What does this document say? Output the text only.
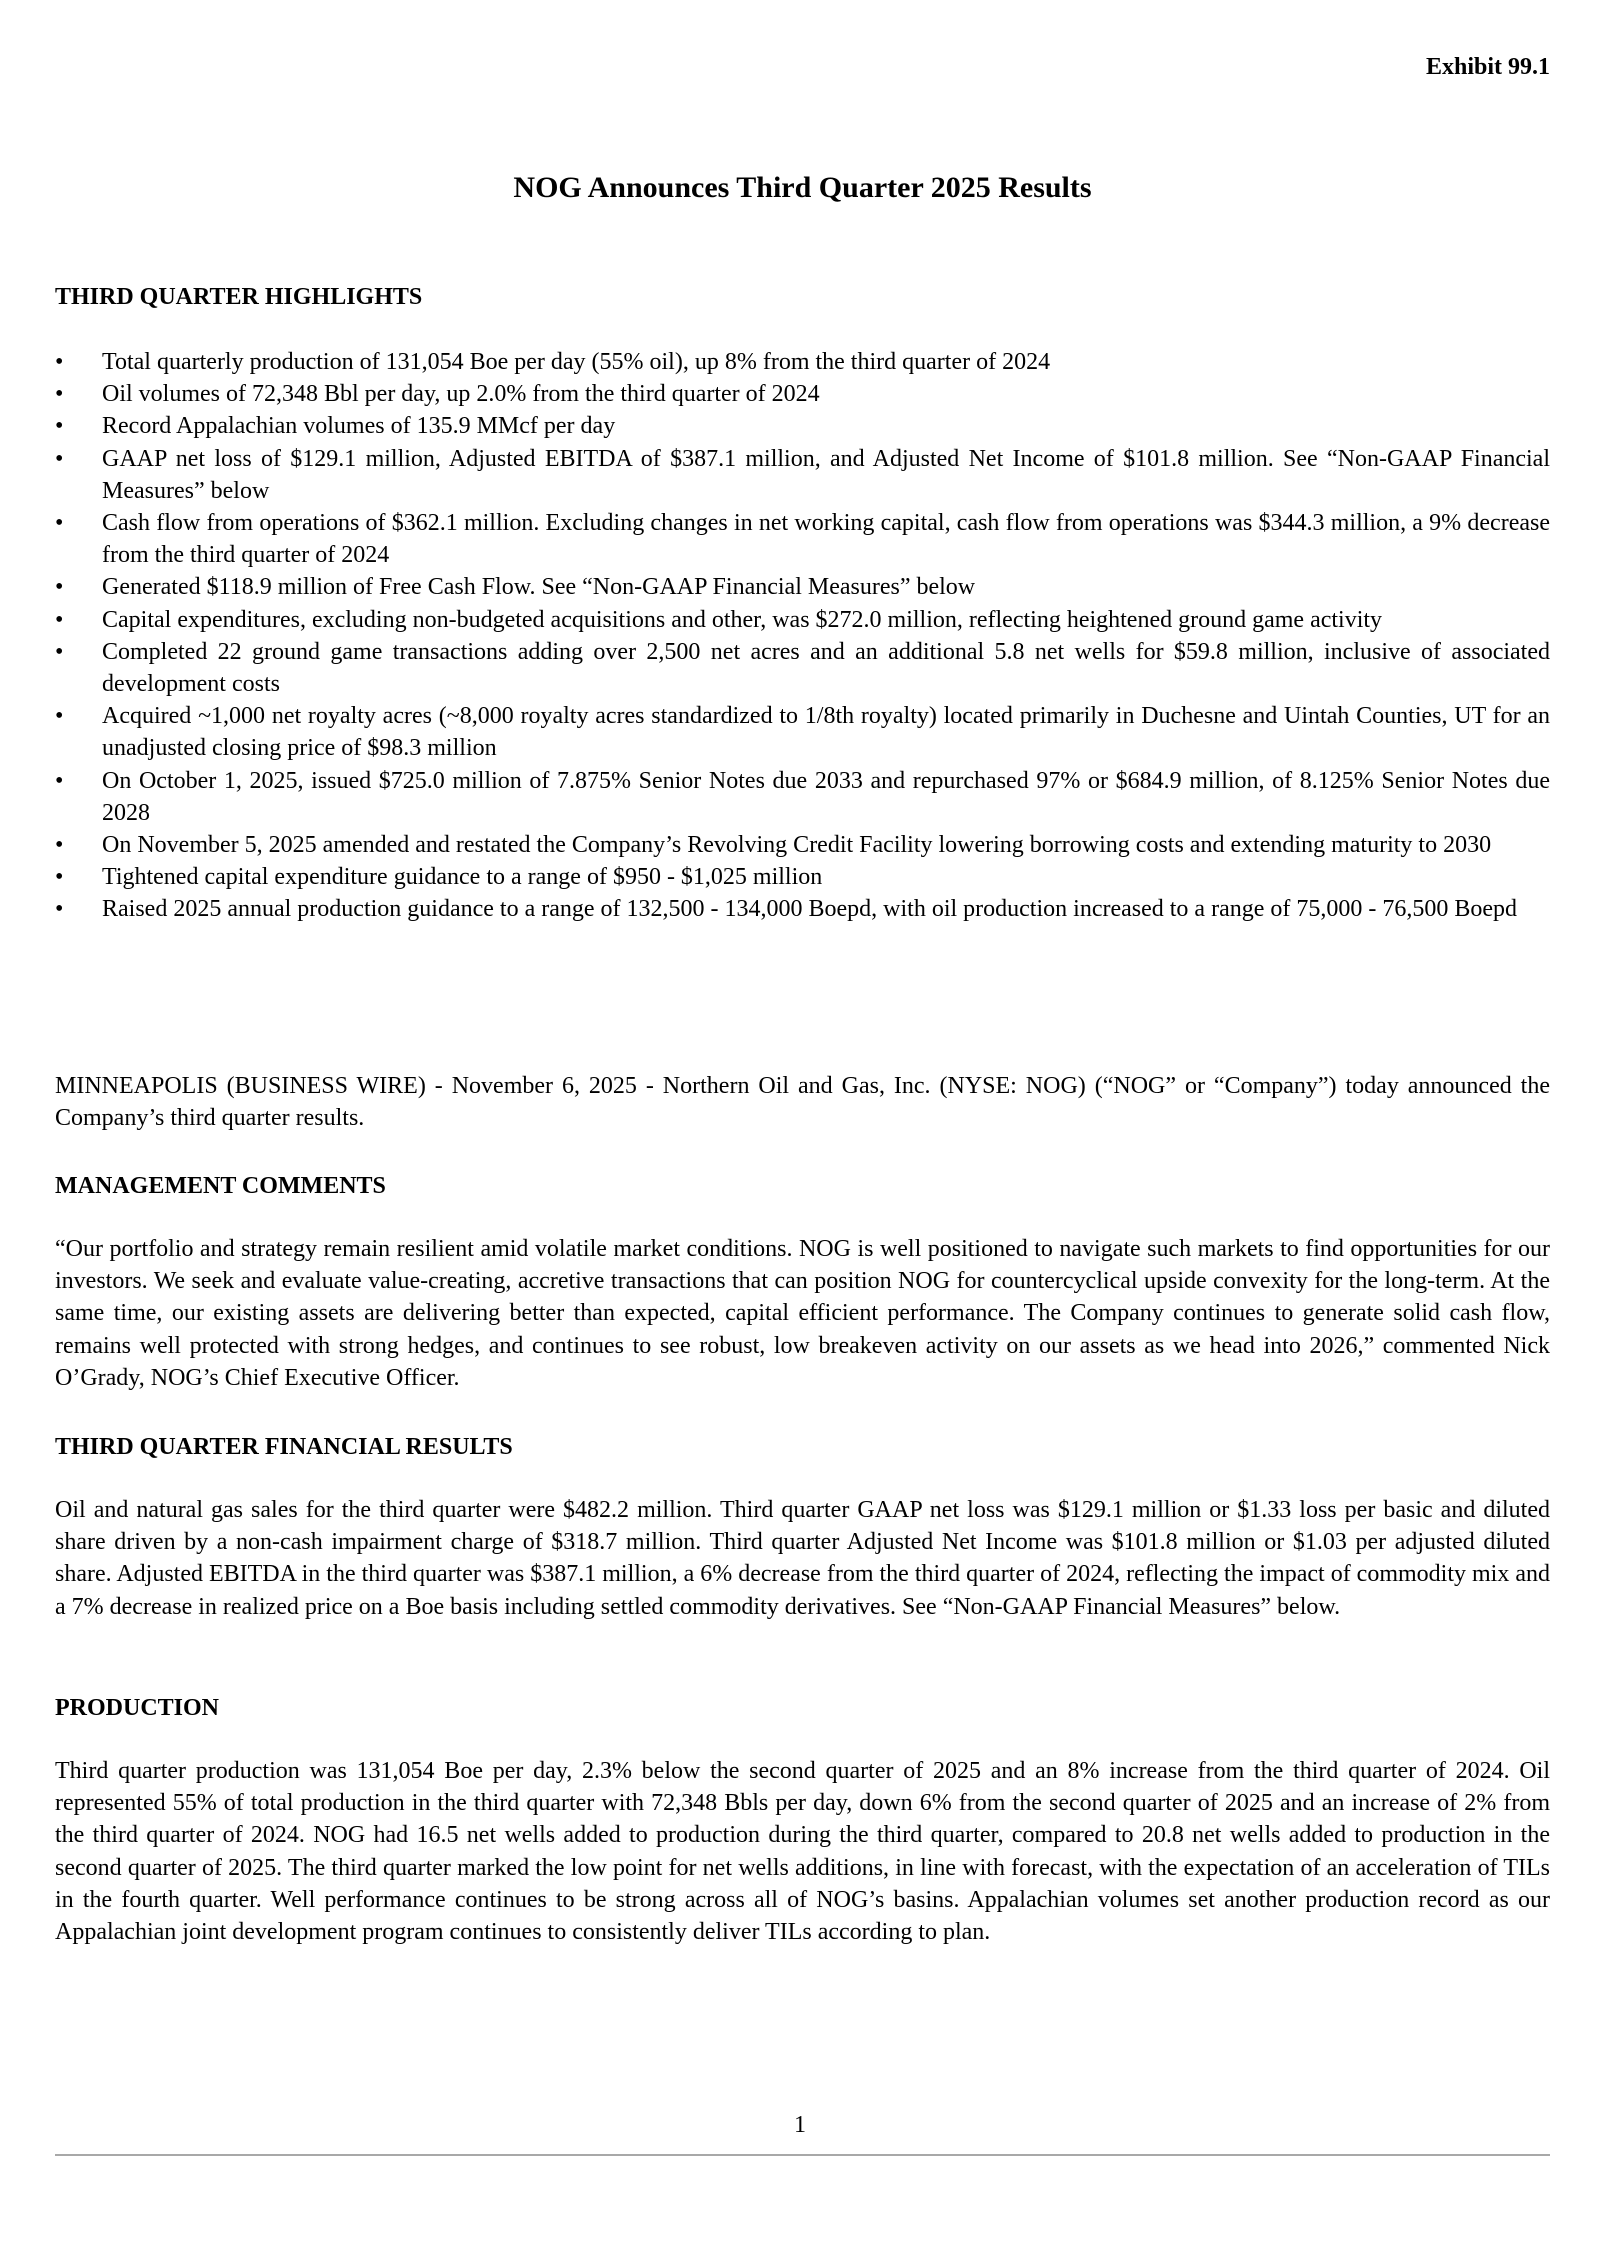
Exhibit 99.1
NOG Announces Third Quarter 2025 Results
THIRD QUARTER HIGHLIGHTS
•	Total quarterly production of 131,054 Boe per day (55% oil), up 8% from the third quarter of 2024
•	Oil volumes of 72,348 Bbl per day, up 2.0% from the third quarter of 2024
•	Record Appalachian volumes of 135.9 MMcf per day
•	GAAP net loss of $129.1 million, Adjusted EBITDA of $387.1 million, and Adjusted Net Income of $101.8 million. See “Non-GAAP Financial Measures” below
•	Cash flow from operations of $362.1 million. Excluding changes in net working capital, cash flow from operations was $344.3 million, a 9% decrease from the third quarter of 2024
•	Generated $118.9 million of Free Cash Flow. See “Non-GAAP Financial Measures” below
•	Capital expenditures, excluding non-budgeted acquisitions and other, was $272.0 million, reflecting heightened ground game activity
•	Completed 22 ground game transactions adding over 2,500 net acres and an additional 5.8 net wells for $59.8 million, inclusive of associated development costs
•	Acquired ~1,000 net royalty acres (~8,000 royalty acres standardized to 1/8th royalty) located primarily in Duchesne and Uintah Counties, UT for an unadjusted closing price of $98.3 million
•	On October 1, 2025, issued $725.0 million of 7.875% Senior Notes due 2033 and repurchased 97% or $684.9 million, of 8.125% Senior Notes due 2028
•	On November 5, 2025 amended and restated the Company’s Revolving Credit Facility lowering borrowing costs and extending maturity to 2030
•	Tightened capital expenditure guidance to a range of $950 - $1,025 million
•	Raised 2025 annual production guidance to a range of 132,500 - 134,000 Boepd, with oil production increased to a range of 75,000 - 76,500 Boepd

MINNEAPOLIS (BUSINESS WIRE) - November 6, 2025 - Northern Oil and Gas, Inc. (NYSE: NOG) (“NOG” or “Company”) today announced the Company’s third quarter results.

MANAGEMENT COMMENTS

“Our portfolio and strategy remain resilient amid volatile market conditions. NOG is well positioned to navigate such markets to find opportunities for our investors. We seek and evaluate value-creating, accretive transactions that can position NOG for countercyclical upside convexity for the long-term. At the same time, our existing assets are delivering better than expected, capital efficient performance. The Company continues to generate solid cash flow, remains well protected with strong hedges, and continues to see robust, low breakeven activity on our assets as we head into 2026,” commented Nick O’Grady, NOG’s Chief Executive Officer.

THIRD QUARTER FINANCIAL RESULTS

Oil and natural gas sales for the third quarter were $482.2 million. Third quarter GAAP net loss was $129.1 million or $1.33 loss per basic and diluted share driven by a non-cash impairment charge of $318.7 million. Third quarter Adjusted Net Income was $101.8 million or $1.03 per adjusted diluted share. Adjusted EBITDA in the third quarter was $387.1 million, a 6% decrease from the third quarter of 2024, reflecting the impact of commodity mix and a 7% decrease in realized price on a Boe basis including settled commodity derivatives. See “Non-GAAP Financial Measures” below.

PRODUCTION

Third quarter production was 131,054 Boe per day, 2.3% below the second quarter of 2025 and an 8% increase from the third quarter of 2024. Oil represented 55% of total production in the third quarter with 72,348 Bbls per day, down 6% from the second quarter of 2025 and an increase of 2% from the third quarter of 2024. NOG had 16.5 net wells added to production during the third quarter, compared to 20.8 net wells added to production in the second quarter of 2025. The third quarter marked the low point for net wells additions, in line with forecast, with the expectation of an acceleration of TILs in the fourth quarter. Well performance continues to be strong across all of NOG’s basins. Appalachian volumes set another production record as our Appalachian joint development program continues to consistently deliver TILs according to plan.

1
